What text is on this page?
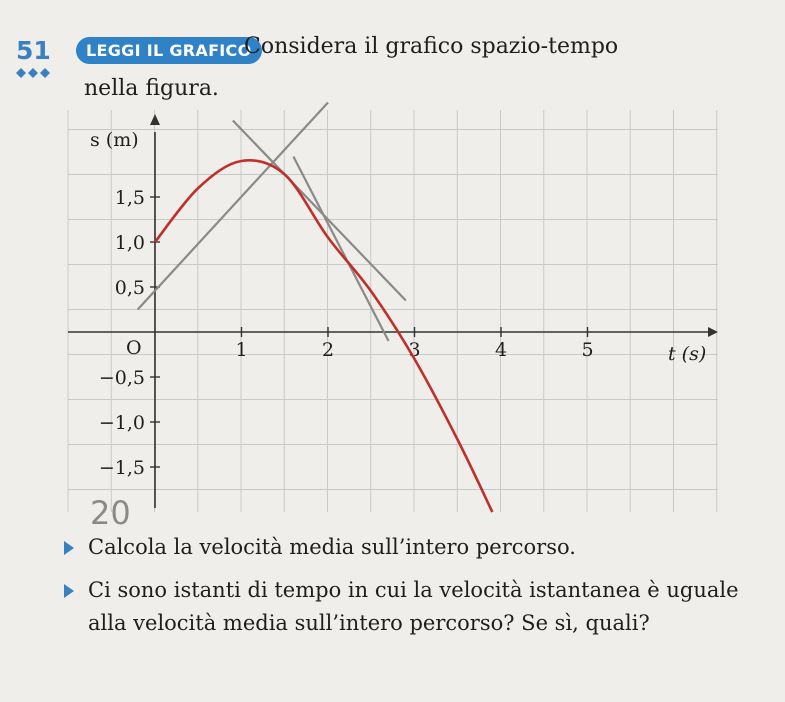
51	LEGGI IL GRAFICO
Considera il grafico spazio-tempo
nella figura.
1	2	3	4	5
1,5
1,0
0,5
−0,5
−1,0
−1,5
t (s)
s (m)
O
20
Calcola la velocità media sull’intero percorso.
Ci sono istanti di tempo in cui la velocità istantanea è uguale alla velocità media sull’intero percorso? Se sì, quali?
